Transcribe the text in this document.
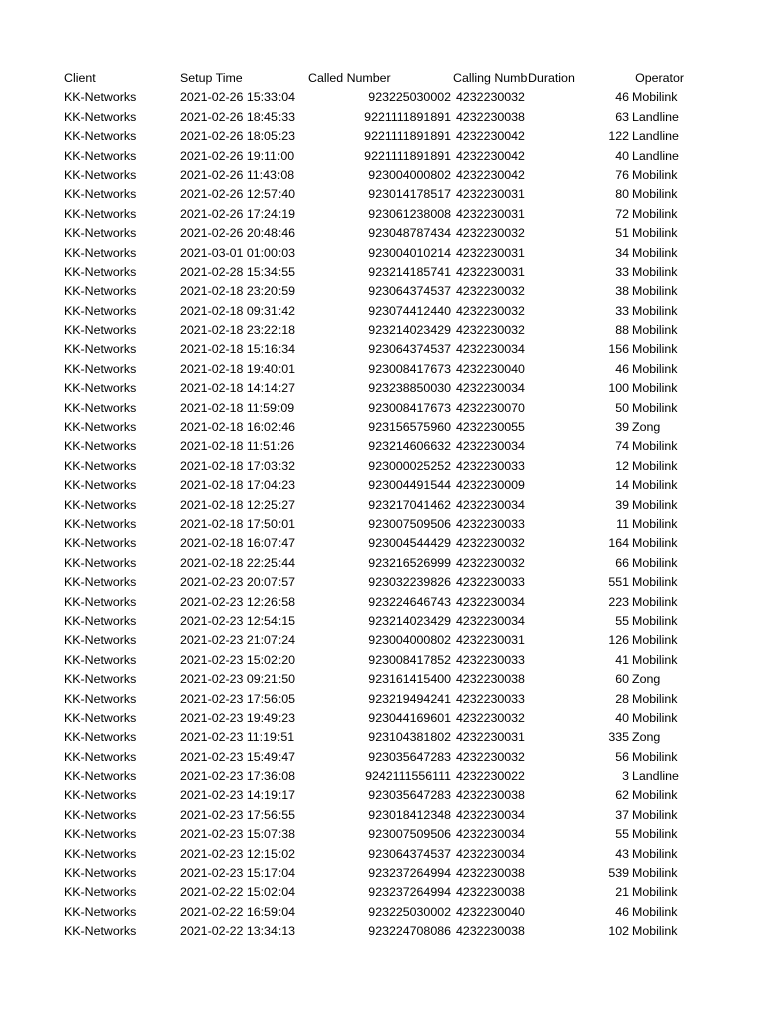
Client	Setup Time	Called Number	Calling Numb Duration	Operator
KK-Networks	2021-02-26 15:33:04	923225030002 4232230032	46 Mobilink
KK-Networks	2021-02-26 18:45:33	9221111891891 4232230038	63 Landline
KK-Networks	2021-02-26 18:05:23	9221111891891 4232230042	122 Landline
KK-Networks	2021-02-26 19:11:00	9221111891891 4232230042	40 Landline
KK-Networks	2021-02-26 11:43:08	923004000802 4232230042	76 Mobilink
KK-Networks	2021-02-26 12:57:40	923014178517 4232230031	80 Mobilink
KK-Networks	2021-02-26 17:24:19	923061238008 4232230031	72 Mobilink
KK-Networks	2021-02-26 20:48:46	923048787434 4232230032	51 Mobilink
KK-Networks	2021-03-01 01:00:03	923004010214 4232230031	34 Mobilink
KK-Networks	2021-02-28 15:34:55	923214185741 4232230031	33 Mobilink
KK-Networks	2021-02-18 23:20:59	923064374537 4232230032	38 Mobilink
KK-Networks	2021-02-18 09:31:42	923074412440 4232230032	33 Mobilink
KK-Networks	2021-02-18 23:22:18	923214023429 4232230032	88 Mobilink
KK-Networks	2021-02-18 15:16:34	923064374537 4232230034	156 Mobilink
KK-Networks	2021-02-18 19:40:01	923008417673 4232230040	46 Mobilink
KK-Networks	2021-02-18 14:14:27	923238850030 4232230034	100 Mobilink
KK-Networks	2021-02-18 11:59:09	923008417673 4232230070	50 Mobilink
KK-Networks	2021-02-18 16:02:46	923156575960 4232230055	39 Zong
KK-Networks	2021-02-18 11:51:26	923214606632 4232230034	74 Mobilink
KK-Networks	2021-02-18 17:03:32	923000025252 4232230033	12 Mobilink
KK-Networks	2021-02-18 17:04:23	923004491544 4232230009	14 Mobilink
KK-Networks	2021-02-18 12:25:27	923217041462 4232230034	39 Mobilink
KK-Networks	2021-02-18 17:50:01	923007509506 4232230033	11 Mobilink
KK-Networks	2021-02-18 16:07:47	923004544429 4232230032	164 Mobilink
KK-Networks	2021-02-18 22:25:44	923216526999 4232230032	66 Mobilink
KK-Networks	2021-02-23 20:07:57	923032239826 4232230033	551 Mobilink
KK-Networks	2021-02-23 12:26:58	923224646743 4232230034	223 Mobilink
KK-Networks	2021-02-23 12:54:15	923214023429 4232230034	55 Mobilink
KK-Networks	2021-02-23 21:07:24	923004000802 4232230031	126 Mobilink
KK-Networks	2021-02-23 15:02:20	923008417852 4232230033	41 Mobilink
KK-Networks	2021-02-23 09:21:50	923161415400 4232230038	60 Zong
KK-Networks	2021-02-23 17:56:05	923219494241 4232230033	28 Mobilink
KK-Networks	2021-02-23 19:49:23	923044169601 4232230032	40 Mobilink
KK-Networks	2021-02-23 11:19:51	923104381802 4232230031	335 Zong
KK-Networks	2021-02-23 15:49:47	923035647283 4232230032	56 Mobilink
KK-Networks	2021-02-23 17:36:08	9242111556111 4232230022	3 Landline
KK-Networks	2021-02-23 14:19:17	923035647283 4232230038	62 Mobilink
KK-Networks	2021-02-23 17:56:55	923018412348 4232230034	37 Mobilink
KK-Networks	2021-02-23 15:07:38	923007509506 4232230034	55 Mobilink
KK-Networks	2021-02-23 12:15:02	923064374537 4232230034	43 Mobilink
KK-Networks	2021-02-23 15:17:04	923237264994 4232230038	539 Mobilink
KK-Networks	2021-02-22 15:02:04	923237264994 4232230038	21 Mobilink
KK-Networks	2021-02-22 16:59:04	923225030002 4232230040	46 Mobilink
KK-Networks	2021-02-22 13:34:13	923224708086 4232230038	102 Mobilink
